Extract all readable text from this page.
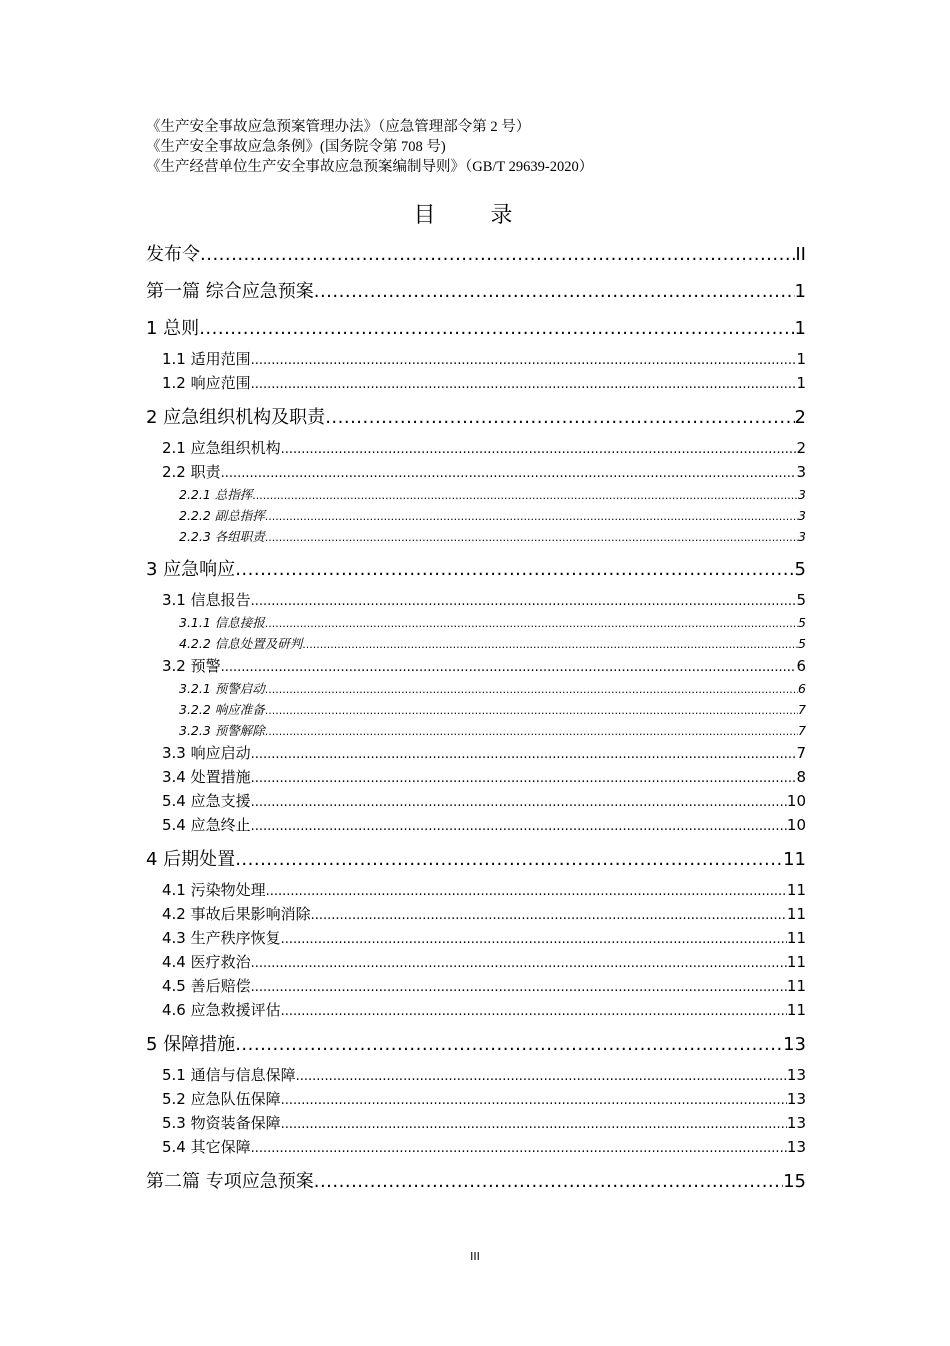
《生产安全事故应急预案管理办法》（应急管理部令第 2 号）
《生产安全事故应急条例》(国务院令第 708 号)
《生产经营单位生产安全事故应急预案编制导则》（GB/T 29639-2020）
目 录
发布令 .....	II
第一篇 综合应急预案 .....	1
1 总则 .....	1
1.1 适用范围 .....	1
1.2 响应范围 .....	1
2 应急组织机构及职责 .....	2
2.1 应急组织机构 .....	2
2.2 职责 .....	3
2.2.1 总指挥 .....	3
2.2.2 副总指挥 .....	3
2.2.3 各组职责 .....	3
3 应急响应 .....	5
3.1 信息报告 .....	5
3.1.1 信息接报 .....	5
4.2.2 信息处置及研判 .....	5
3.2 预警 .....	6
3.2.1 预警启动 .....	6
3.2.2 响应准备 .....	7
3.2.3 预警解除 .....	7
3.3 响应启动 .....	7
3.4 处置措施 .....	8
5.4 应急支援 .....	10
5.4 应急终止 .....	10
4 后期处置 .....	11
4.1 污染物处理 .....	11
4.2 事故后果影响消除 .....	11
4.3 生产秩序恢复 .....	11
4.4 医疗救治 .....	11
4.5 善后赔偿 .....	11
4.6 应急救援评估 .....	11
5 保障措施 .....	13
5.1 通信与信息保障 .....	13
5.2 应急队伍保障 .....	13
5.3 物资装备保障 .....	13
5.4 其它保障 .....	13
第二篇 专项应急预案 .....	15
III
